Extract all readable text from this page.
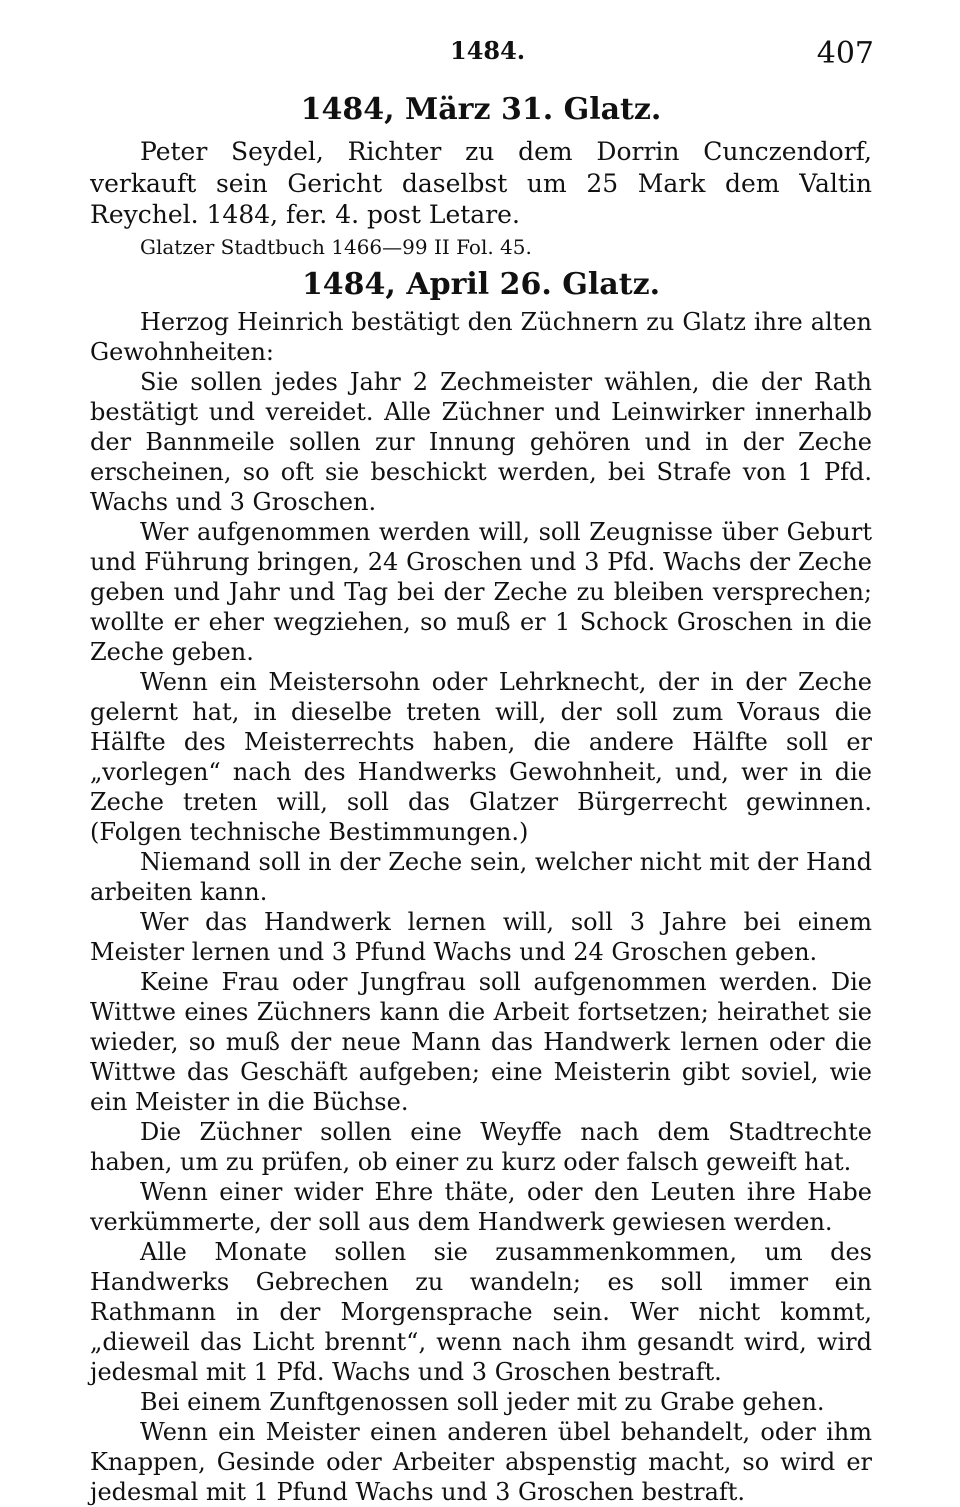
1484.	407
1484, März 31. Glatz.

Peter Seydel, Richter zu dem Dorrin Cunczendorf, verkauft sein Gericht daselbst um 25 Mark dem Valtin Reychel. 1484, fer. 4. post Letare.

Glatzer Stadtbuch 1466—99 II Fol. 45.

1484, April 26. Glatz.

Herzog Heinrich bestätigt den Züchnern zu Glatz ihre alten Gewohnheiten:

Sie sollen jedes Jahr 2 Zechmeister wählen, die der Rath bestätigt und vereidet. Alle Züchner und Leinwirker innerhalb der Bannmeile sollen zur Innung gehören und in der Zeche erscheinen, so oft sie beschickt werden, bei Strafe von 1 Pfd. Wachs und 3 Groschen.

Wer aufgenommen werden will, soll Zeugnisse über Geburt und Führung bringen, 24 Groschen und 3 Pfd. Wachs der Zeche geben und Jahr und Tag bei der Zeche zu bleiben versprechen; wollte er eher wegziehen, so muß er 1 Schock Groschen in die Zeche geben.

Wenn ein Meistersohn oder Lehrknecht, der in der Zeche gelernt hat, in dieselbe treten will, der soll zum Voraus die Hälfte des Meisterrechts haben, die andere Hälfte soll er „vorlegen“ nach des Handwerks Gewohnheit, und, wer in die Zeche treten will, soll das Glatzer Bürgerrecht gewinnen. (Folgen technische Bestimmungen.)

Niemand soll in der Zeche sein, welcher nicht mit der Hand arbeiten kann.

Wer das Handwerk lernen will, soll 3 Jahre bei einem Meister lernen und 3 Pfund Wachs und 24 Groschen geben.

Keine Frau oder Jungfrau soll aufgenommen werden. Die Wittwe eines Züchners kann die Arbeit fortsetzen; heirathet sie wieder, so muß der neue Mann das Handwerk lernen oder die Wittwe das Geschäft aufgeben; eine Meisterin gibt soviel, wie ein Meister in die Büchse.

Die Züchner sollen eine Weyffe nach dem Stadtrechte haben, um zu prüfen, ob einer zu kurz oder falsch geweift hat.

Wenn einer wider Ehre thäte, oder den Leuten ihre Habe verkümmerte, der soll aus dem Handwerk gewiesen werden.

Alle Monate sollen sie zusammenkommen, um des Handwerks Gebrechen zu wandeln; es soll immer ein Rathmann in der Morgensprache sein. Wer nicht kommt, „dieweil das Licht brennt“, wenn nach ihm gesandt wird, wird jedesmal mit 1 Pfd. Wachs und 3 Groschen bestraft.

Bei einem Zunftgenossen soll jeder mit zu Grabe gehen.

Wenn ein Meister einen anderen übel behandelt, oder ihm Knappen, Gesinde oder Arbeiter abspenstig macht, so wird er jedesmal mit 1 Pfund Wachs und 3 Groschen bestraft.
